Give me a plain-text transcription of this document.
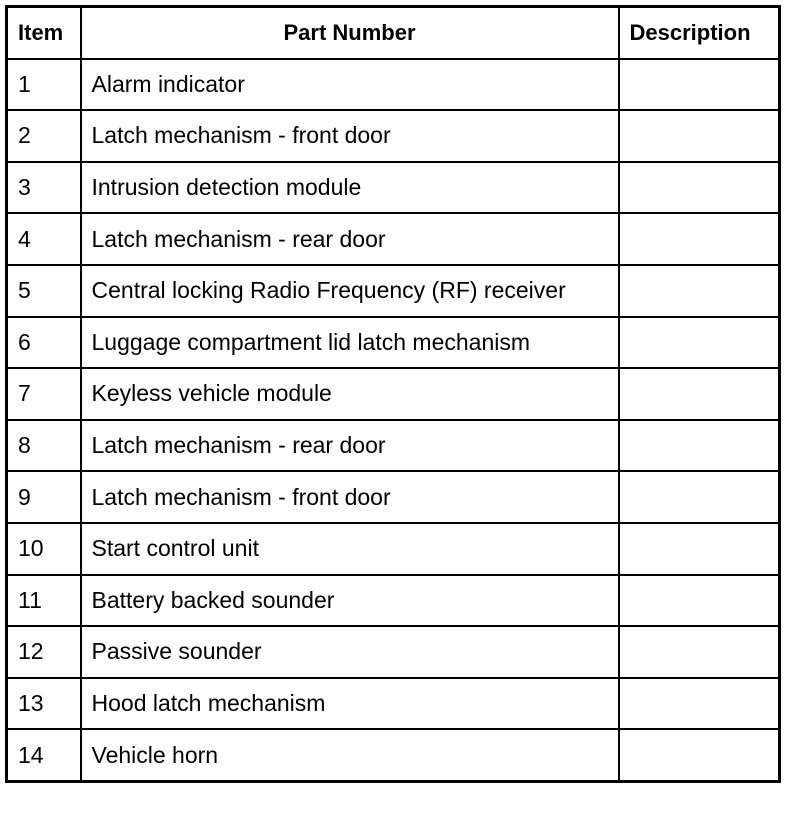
Item	Part Number	Description
1	Alarm indicator	
2	Latch mechanism - front door	
3	Intrusion detection module	
4	Latch mechanism - rear door	
5	Central locking Radio Frequency (RF) receiver	
6	Luggage compartment lid latch mechanism	
7	Keyless vehicle module	
8	Latch mechanism - rear door	
9	Latch mechanism - front door	
10	Start control unit	
11	Battery backed sounder	
12	Passive sounder	
13	Hood latch mechanism	
14	Vehicle horn	
